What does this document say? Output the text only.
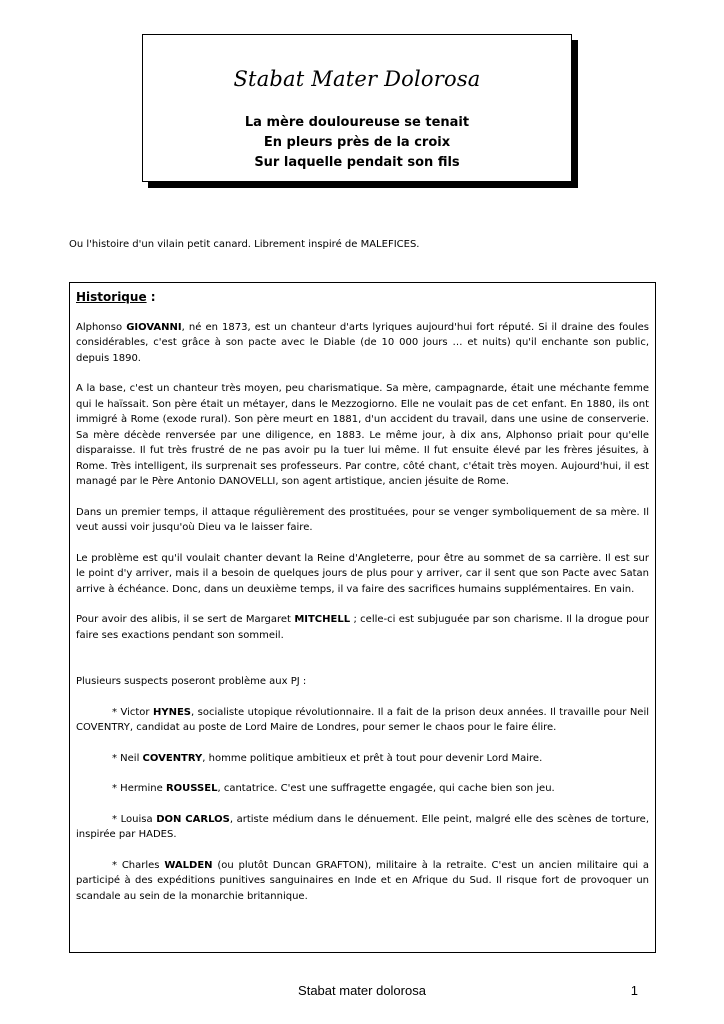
Stabat Mater Dolorosa
La mère douloureuse se tenait
En pleurs près de la croix
Sur laquelle pendait son fils
Ou l'histoire d'un vilain petit canard. Librement inspiré de MALEFICES.
Historique :

Alphonso GIOVANNI, né en 1873, est un chanteur d'arts lyriques aujourd'hui fort réputé. Si il draine des foules considérables, c'est grâce à son pacte avec le Diable (de 10 000 jours … et nuits) qu'il enchante son public, depuis 1890.

A la base, c'est un chanteur très moyen, peu charismatique. Sa mère, campagnarde, était une méchante femme qui le haïssait. Son père était un métayer, dans le Mezzogiorno. Elle ne voulait pas de cet enfant. En 1880, ils ont immigré à Rome (exode rural). Son père meurt en 1881, d'un accident du travail, dans une usine de conserverie. Sa mère décède renversée par une diligence, en 1883. Le même jour, à dix ans, Alphonso priait pour qu'elle disparaisse. Il fut très frustré de ne pas avoir pu la tuer lui même. Il fut ensuite élevé par les frères jésuites, à Rome. Très intelligent, ils surprenait ses professeurs. Par contre, côté chant, c'était très moyen. Aujourd'hui, il est managé par le Père Antonio DANOVELLI, son agent artistique, ancien jésuite de Rome.

Dans un premier temps, il attaque régulièrement des prostituées, pour se venger symboliquement de sa mère. Il veut aussi voir jusqu'où Dieu va le laisser faire.

Le problème est qu'il voulait chanter devant la Reine d'Angleterre, pour être au sommet de sa carrière. Il est sur le point d'y arriver, mais il a besoin de quelques jours de plus pour y arriver, car il sent que son Pacte avec Satan arrive à échéance. Donc, dans un deuxième temps, il va faire des sacrifices humains supplémentaires. En vain.

Pour avoir des alibis, il se sert de Margaret MITCHELL ; celle-ci est subjuguée par son charisme. Il la drogue pour faire ses exactions pendant son sommeil.

Plusieurs suspects poseront problème aux PJ :

* Victor HYNES, socialiste utopique révolutionnaire. Il a fait de la prison deux années. Il travaille pour Neil COVENTRY, candidat au poste de Lord Maire de Londres, pour semer le chaos pour le faire élire.

* Neil COVENTRY, homme politique ambitieux et prêt à tout pour devenir Lord Maire.

* Hermine ROUSSEL, cantatrice. C'est une suffragette engagée, qui cache bien son jeu.

* Louisa DON CARLOS, artiste médium dans le dénuement. Elle peint, malgré elle des scènes de torture, inspirée par HADES.

* Charles WALDEN (ou plutôt Duncan GRAFTON), militaire à la retraite. C'est un ancien militaire qui a participé à des expéditions punitives sanguinaires en Inde et en Afrique du Sud. Il risque fort de provoquer un scandale au sein de la monarchie britannique.

Stabat mater dolorosa	1
